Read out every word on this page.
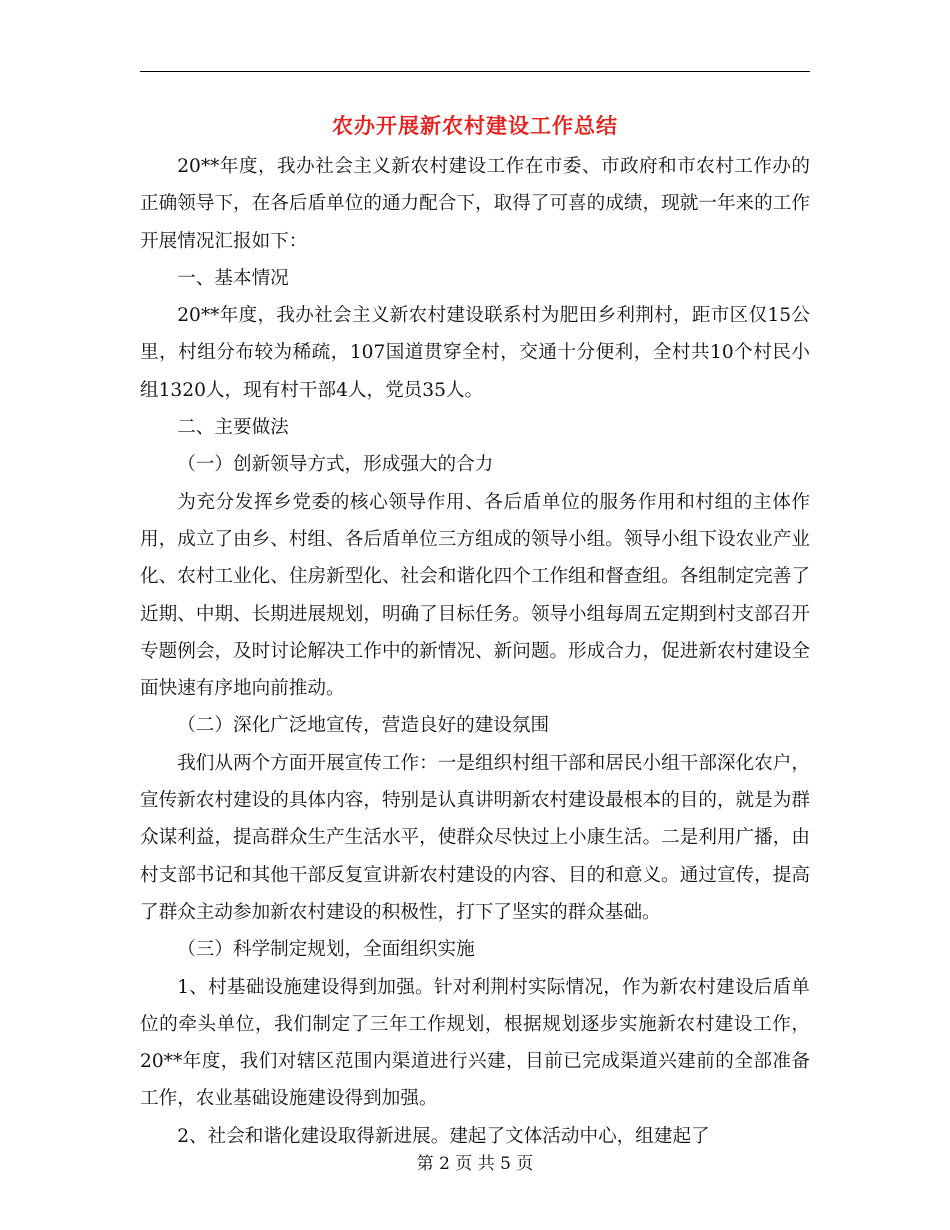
农办开展新农村建设工作总结

20**年度，我办社会主义新农村建设工作在市委、市政府和市农村工作办的正确领导下，在各后盾单位的通力配合下，取得了可喜的成绩，现就一年来的工作开展情况汇报如下：

一、基本情况

20**年度，我办社会主义新农村建设联系村为肥田乡利荆村，距市区仅15公里，村组分布较为稀疏，107国道贯穿全村，交通十分便利，全村共10个村民小组1320人，现有村干部4人，党员35人。

二、主要做法

（一）创新领导方式，形成强大的合力

为充分发挥乡党委的核心领导作用、各后盾单位的服务作用和村组的主体作用，成立了由乡、村组、各后盾单位三方组成的领导小组。领导小组下设农业产业化、农村工业化、住房新型化、社会和谐化四个工作组和督查组。各组制定完善了近期、中期、长期进展规划，明确了目标任务。领导小组每周五定期到村支部召开专题例会，及时讨论解决工作中的新情况、新问题。形成合力，促进新农村建设全面快速有序地向前推动。

（二）深化广泛地宣传，营造良好的建设氛围

我们从两个方面开展宣传工作：一是组织村组干部和居民小组干部深化农户，宣传新农村建设的具体内容，特别是认真讲明新农村建设最根本的目的，就是为群众谋利益，提高群众生产生活水平，使群众尽快过上小康生活。二是利用广播，由村支部书记和其他干部反复宣讲新农村建设的内容、目的和意义。通过宣传，提高了群众主动参加新农村建设的积极性，打下了坚实的群众基础。

（三）科学制定规划，全面组织实施

1、村基础设施建设得到加强。针对利荆村实际情况，作为新农村建设后盾单位的牵头单位，我们制定了三年工作规划，根据规划逐步实施新农村建设工作，20**年度，我们对辖区范围内渠道进行兴建，目前已完成渠道兴建前的全部准备工作，农业基础设施建设得到加强。

2、社会和谐化建设取得新进展。建起了文体活动中心，组建起了

第 2 页 共 5 页
